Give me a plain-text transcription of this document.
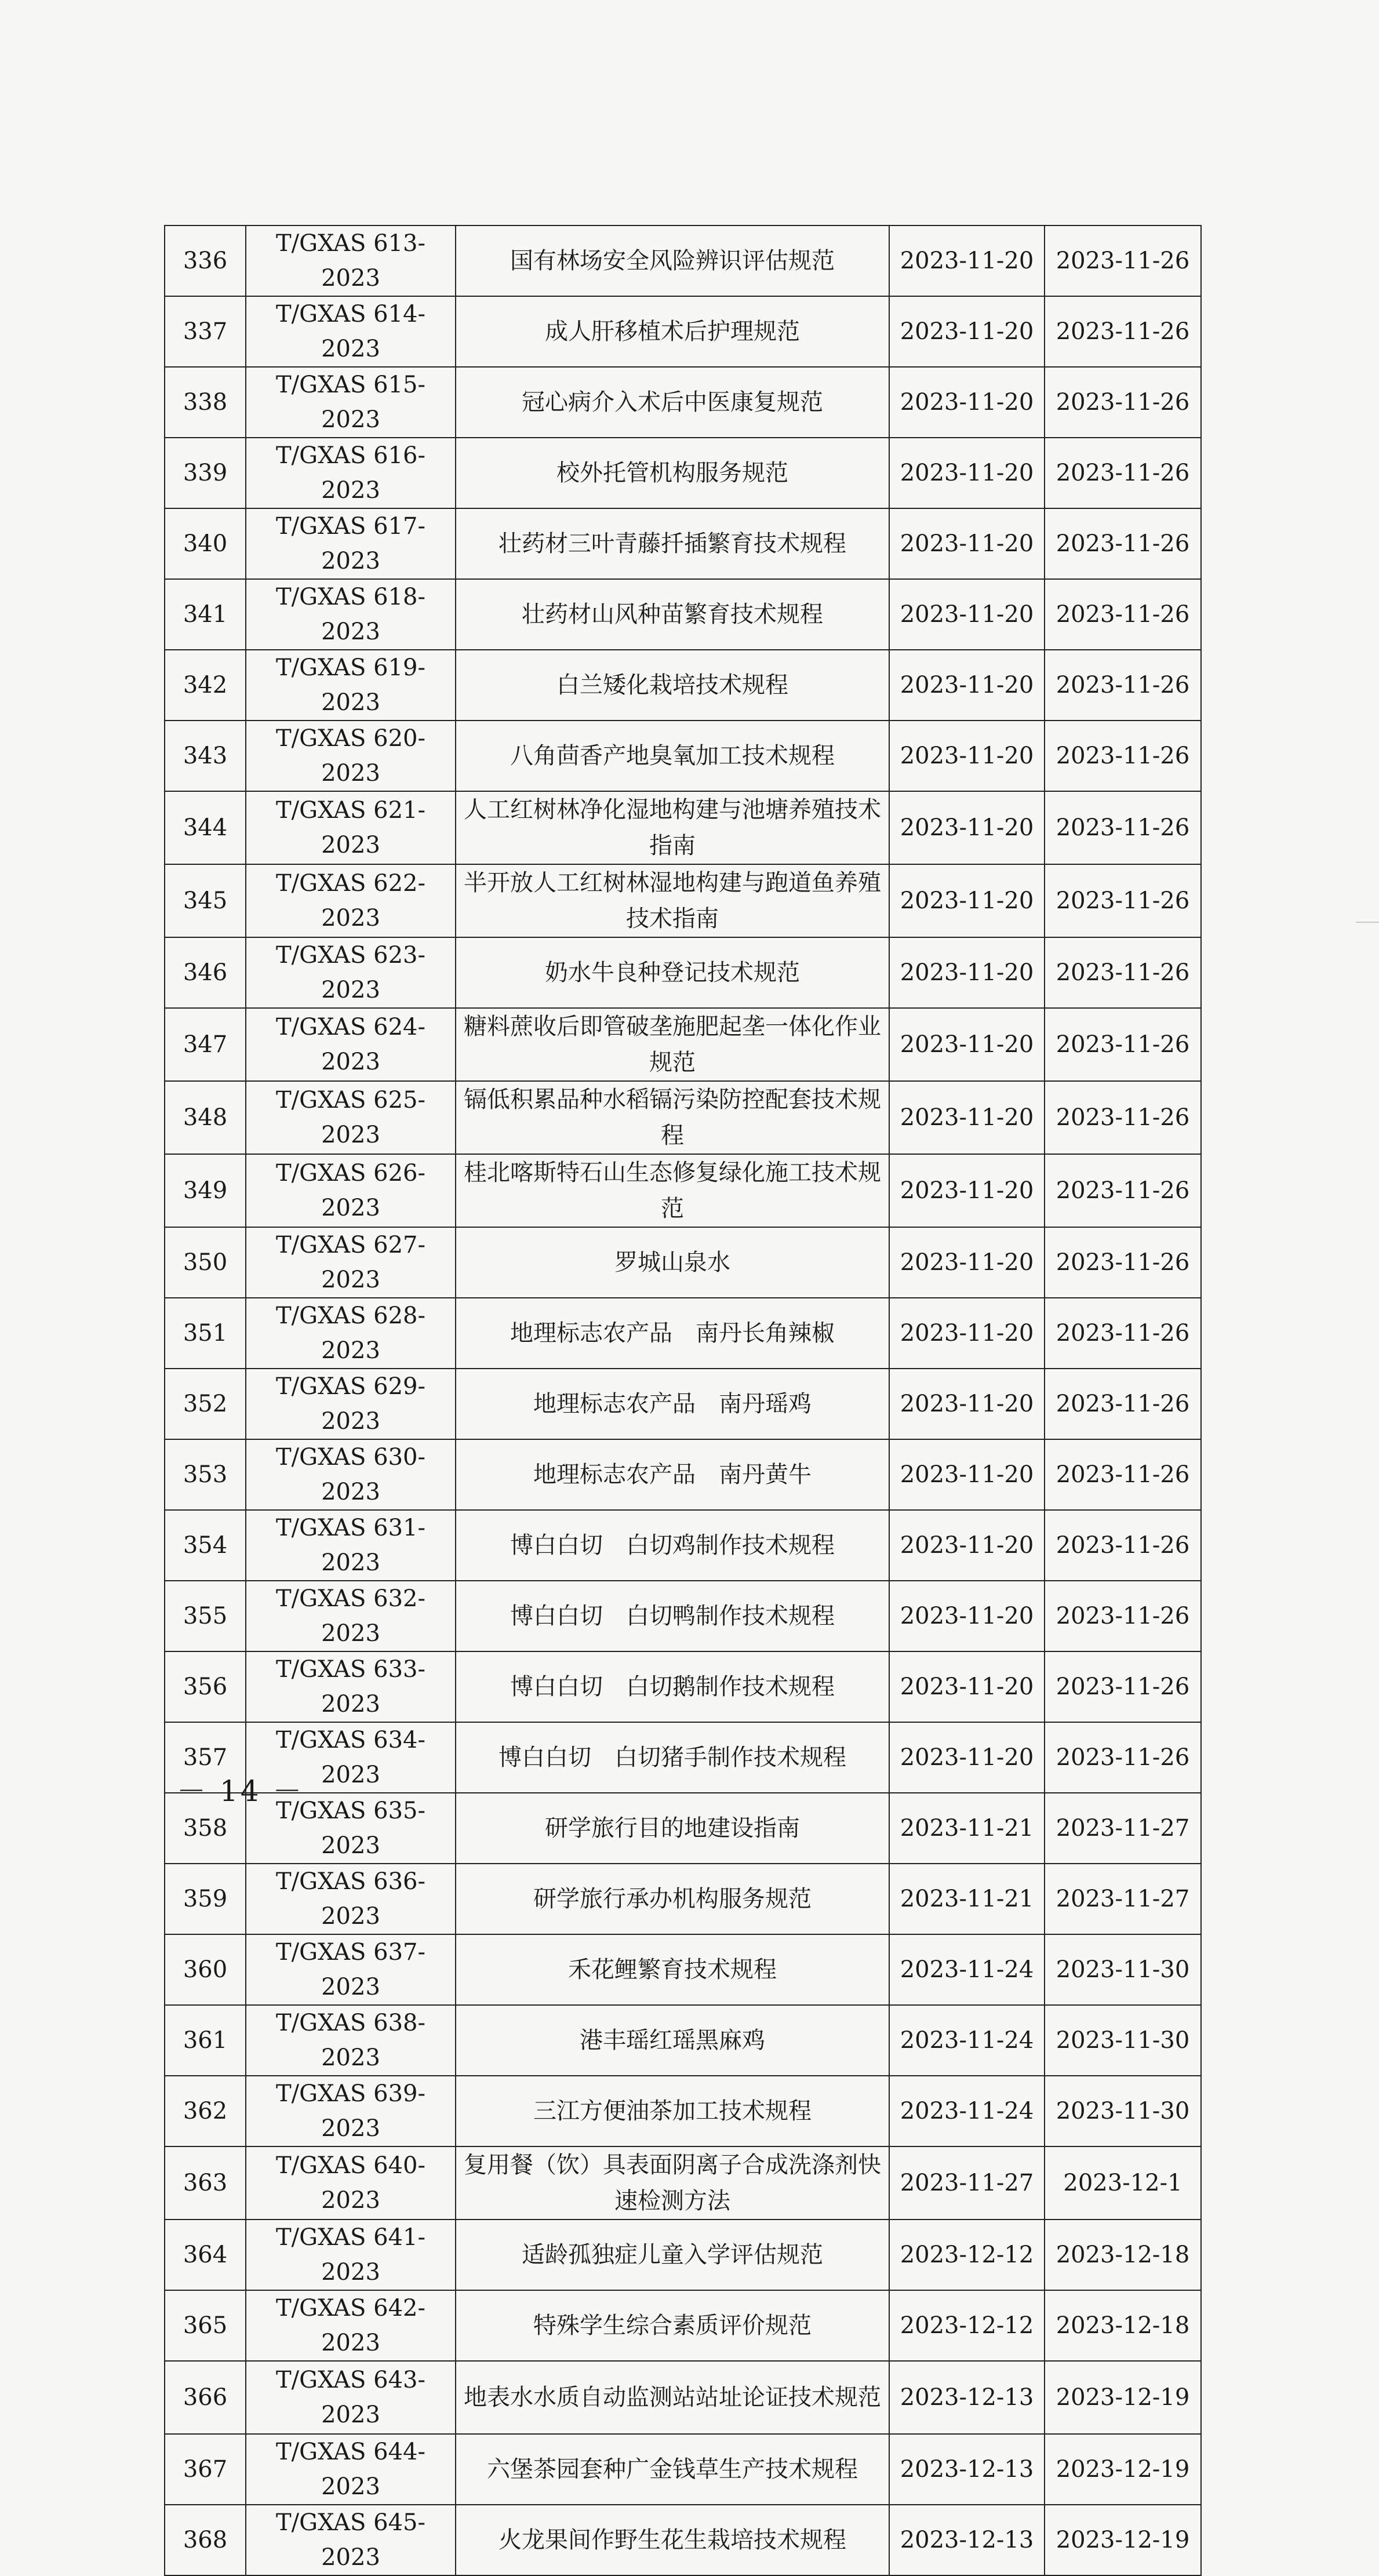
336	T/GXAS 613-2023	国有林场安全风险辨识评估规范	2023-11-20	2023-11-26
337	T/GXAS 614-2023	成人肝移植术后护理规范	2023-11-20	2023-11-26
338	T/GXAS 615-2023	冠心病介入术后中医康复规范	2023-11-20	2023-11-26
339	T/GXAS 616-2023	校外托管机构服务规范	2023-11-20	2023-11-26
340	T/GXAS 617-2023	壮药材三叶青藤扦插繁育技术规程	2023-11-20	2023-11-26
341	T/GXAS 618-2023	壮药材山风种苗繁育技术规程	2023-11-20	2023-11-26
342	T/GXAS 619-2023	白兰矮化栽培技术规程	2023-11-20	2023-11-26
343	T/GXAS 620-2023	八角茴香产地臭氧加工技术规程	2023-11-20	2023-11-26
344	T/GXAS 621-2023	人工红树林净化湿地构建与池塘养殖技术指南	2023-11-20	2023-11-26
345	T/GXAS 622-2023	半开放人工红树林湿地构建与跑道鱼养殖技术指南	2023-11-20	2023-11-26
346	T/GXAS 623-2023	奶水牛良种登记技术规范	2023-11-20	2023-11-26
347	T/GXAS 624-2023	糖料蔗收后即管破垄施肥起垄一体化作业规范	2023-11-20	2023-11-26
348	T/GXAS 625-2023	镉低积累品种水稻镉污染防控配套技术规程	2023-11-20	2023-11-26
349	T/GXAS 626-2023	桂北喀斯特石山生态修复绿化施工技术规范	2023-11-20	2023-11-26
350	T/GXAS 627-2023	罗城山泉水	2023-11-20	2023-11-26
351	T/GXAS 628-2023	地理标志农产品　南丹长角辣椒	2023-11-20	2023-11-26
352	T/GXAS 629-2023	地理标志农产品　南丹瑶鸡	2023-11-20	2023-11-26
353	T/GXAS 630-2023	地理标志农产品　南丹黄牛	2023-11-20	2023-11-26
354	T/GXAS 631-2023	博白白切　白切鸡制作技术规程	2023-11-20	2023-11-26
355	T/GXAS 632-2023	博白白切　白切鸭制作技术规程	2023-11-20	2023-11-26
356	T/GXAS 633-2023	博白白切　白切鹅制作技术规程	2023-11-20	2023-11-26
357	T/GXAS 634-2023	博白白切　白切猪手制作技术规程	2023-11-20	2023-11-26
358	T/GXAS 635-2023	研学旅行目的地建设指南	2023-11-21	2023-11-27
359	T/GXAS 636-2023	研学旅行承办机构服务规范	2023-11-21	2023-11-27
360	T/GXAS 637-2023	禾花鲤繁育技术规程	2023-11-24	2023-11-30
361	T/GXAS 638-2023	港丰瑶红瑶黑麻鸡	2023-11-24	2023-11-30
362	T/GXAS 639-2023	三江方便油茶加工技术规程	2023-11-24	2023-11-30
363	T/GXAS 640-2023	复用餐（饮）具表面阴离子合成洗涤剂快速检测方法	2023-11-27	2023-12-1
364	T/GXAS 641-2023	适龄孤独症儿童入学评估规范	2023-12-12	2023-12-18
365	T/GXAS 642-2023	特殊学生综合素质评价规范	2023-12-12	2023-12-18
366	T/GXAS 643-2023	地表水水质自动监测站站址论证技术规范	2023-12-13	2023-12-19
367	T/GXAS 644-2023	六堡茶园套种广金钱草生产技术规程	2023-12-13	2023-12-19
368	T/GXAS 645-2023	火龙果间作野生花生栽培技术规程	2023-12-13	2023-12-19
－ 14 －
